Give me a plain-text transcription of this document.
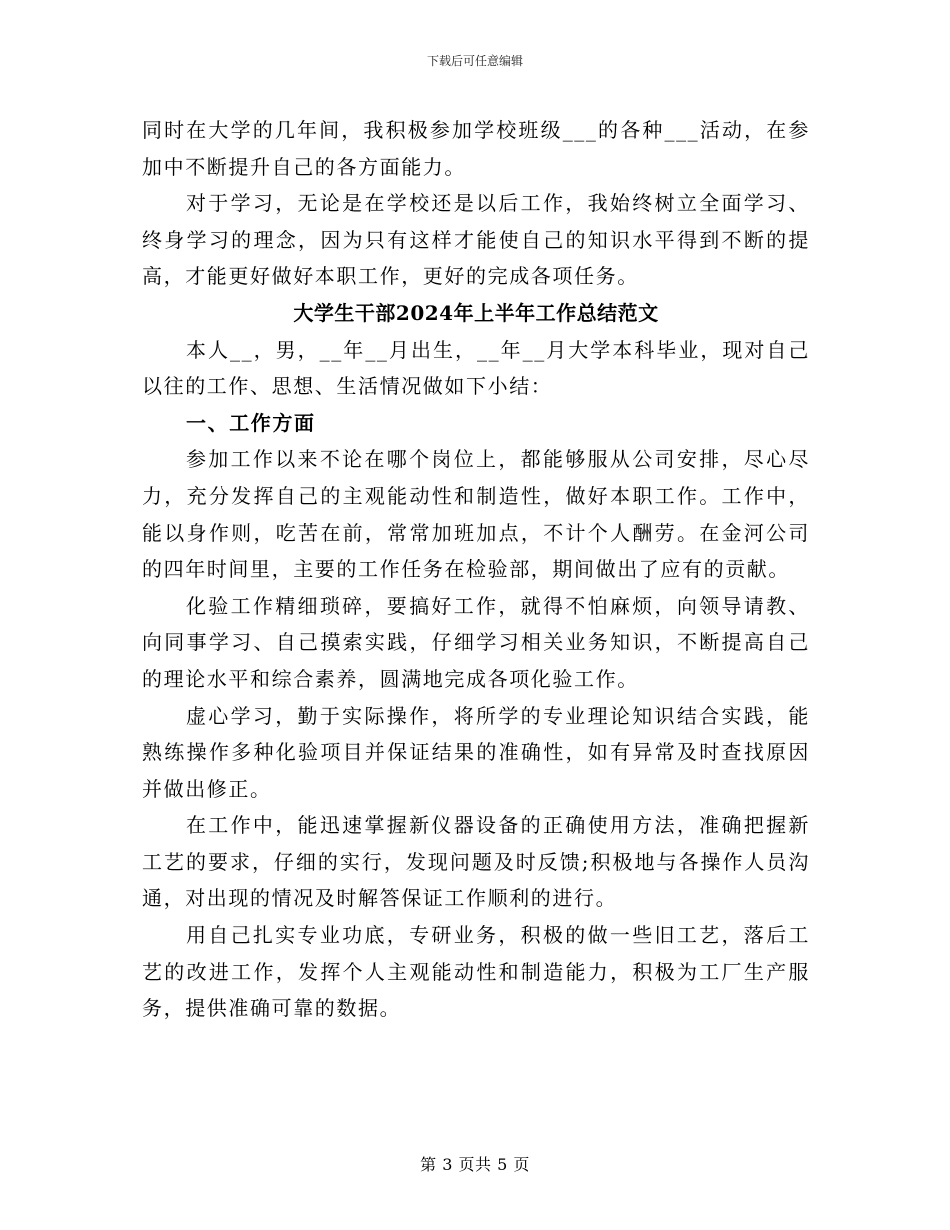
下载后可任意编辑

同时在大学的几年间，我积极参加学校班级___的各种___活动，在参加中不断提升自己的各方面能力。

对于学习，无论是在学校还是以后工作，我始终树立全面学习、终身学习的理念，因为只有这样才能使自己的知识水平得到不断的提高，才能更好做好本职工作，更好的完成各项任务。

大学生干部2024年上半年工作总结范文

本人__，男，__年__月出生，__年__月大学本科毕业，现对自己以往的工作、思想、生活情况做如下小结：

一、工作方面

参加工作以来不论在哪个岗位上，都能够服从公司安排，尽心尽力，充分发挥自己的主观能动性和制造性，做好本职工作。工作中，能以身作则，吃苦在前，常常加班加点，不计个人酬劳。在金河公司的四年时间里，主要的工作任务在检验部，期间做出了应有的贡献。

化验工作精细琐碎，要搞好工作，就得不怕麻烦，向领导请教、向同事学习、自己摸索实践，仔细学习相关业务知识，不断提高自己的理论水平和综合素养，圆满地完成各项化验工作。

虚心学习，勤于实际操作，将所学的专业理论知识结合实践，能熟练操作多种化验项目并保证结果的准确性，如有异常及时查找原因并做出修正。

在工作中，能迅速掌握新仪器设备的正确使用方法，准确把握新工艺的要求，仔细的实行，发现问题及时反馈;积极地与各操作人员沟通，对出现的情况及时解答保证工作顺利的进行。

用自己扎实专业功底，专研业务，积极的做一些旧工艺，落后工艺的改进工作，发挥个人主观能动性和制造能力，积极为工厂生产服务，提供准确可靠的数据。

第 3 页共 5 页
